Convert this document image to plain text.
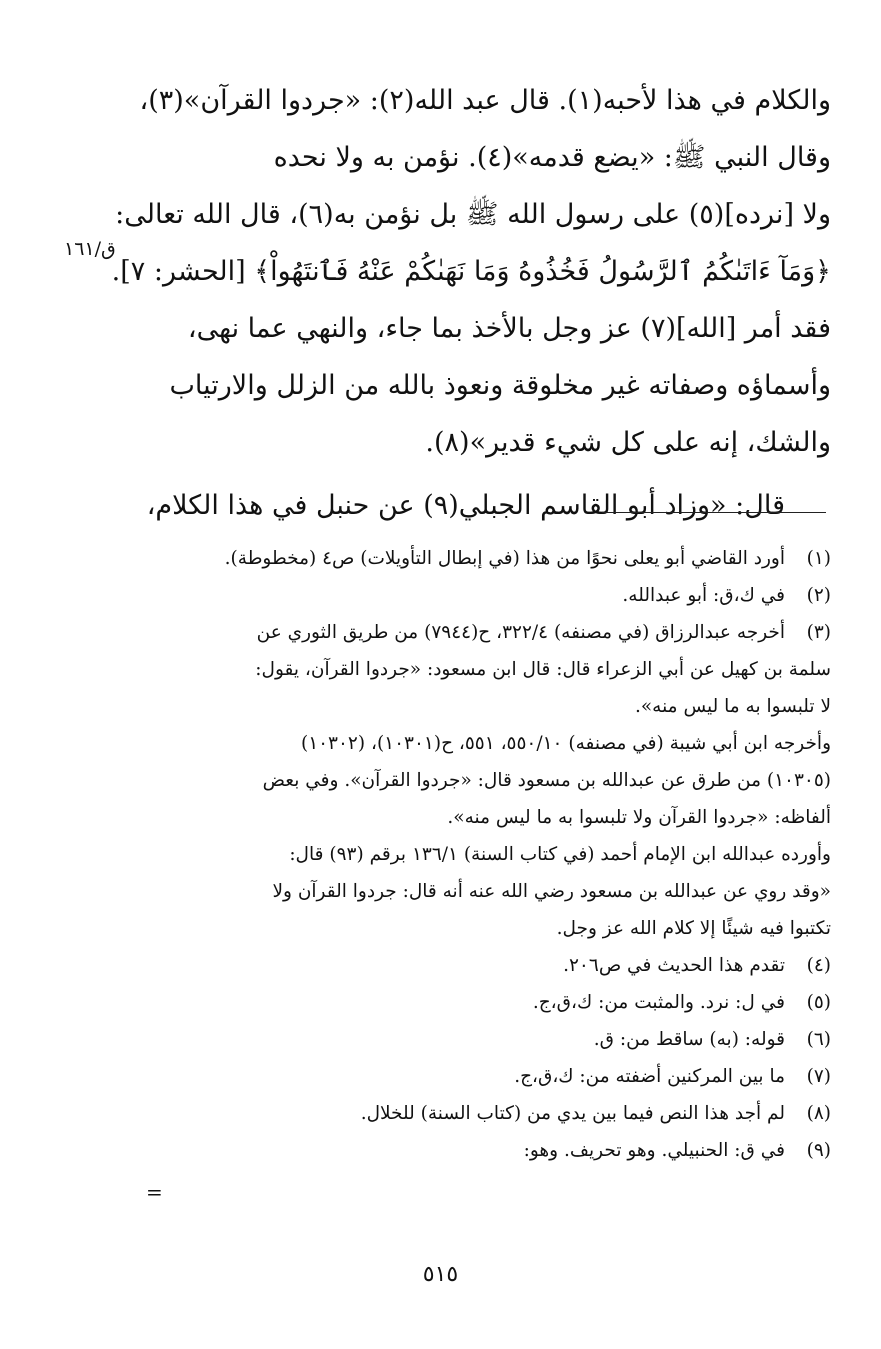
والكلام في هذا لأحبه(١). قال عبد الله(٢): «جردوا القرآن»(٣)،
وقال النبي ﷺ: «يضع قدمه»(٤). نؤمن به ولا نحده
ولا [نرده](٥) على رسول الله ﷺ بل نؤمن به(٦)، قال الله تعالى:
﴿وَمَآ ءَاتَىٰكُمُ ٱلرَّسُولُ فَخُذُوهُ وَمَا نَهَىٰكُمْ عَنْهُ فَٱنتَهُواْ﴾ [الحشر: ٧].
فقد أمر [الله](٧) عز وجل بالأخذ بما جاء، والنهي عما نهى،
وأسماؤه وصفاته غير مخلوقة ونعوذ بالله من الزلل والارتياب
والشك، إنه على كل شيء قدير»(٨).
قال: «وزاد أبو القاسم الجبلي(٩) عن حنبل في هذا الكلام،
ق/١٦١
(١)
أورد القاضي أبو يعلى نحوًا من هذا (في إبطال التأويلات) ص٤ (مخطوطة).
(٢)
في ك،ق: أبو عبدالله.
(٣)
أخرجه عبدالرزاق (في مصنفه) ٣٢٢/٤، ح(٧٩٤٤) من طريق الثوري عن
سلمة بن كهيل عن أبي الزعراء قال: قال ابن مسعود: «جردوا القرآن، يقول:
لا تلبسوا به ما ليس منه».
وأخرجه ابن أبي شيبة (في مصنفه) ٥٥٠/١٠، ٥٥١، ح(١٠٣٠١)، (١٠٣٠٢)
(١٠٣٠٥) من طرق عن عبدالله بن مسعود قال: «جردوا القرآن». وفي بعض
ألفاظه: «جردوا القرآن ولا تلبسوا به ما ليس منه».
وأورده عبدالله ابن الإمام أحمد (في كتاب السنة) ١٣٦/١ برقم (٩٣) قال:
«وقد روي عن عبدالله بن مسعود رضي الله عنه أنه قال: جردوا القرآن ولا
تكتبوا فيه شيئًا إلا كلام الله عز وجل.
(٤)
تقدم هذا الحديث في ص٢٠٦.
(٥)
في ل: نرد. والمثبت من: ك،ق،ج.
(٦)
قوله: (به) ساقط من: ق.
(٧)
ما بين المركنين أضفته من: ك،ق،ج.
(٨)
لم أجد هذا النص فيما بين يدي من (كتاب السنة) للخلال.
(٩)
في ق: الحنبيلي. وهو تحريف. وهو:
=
٥١٥
